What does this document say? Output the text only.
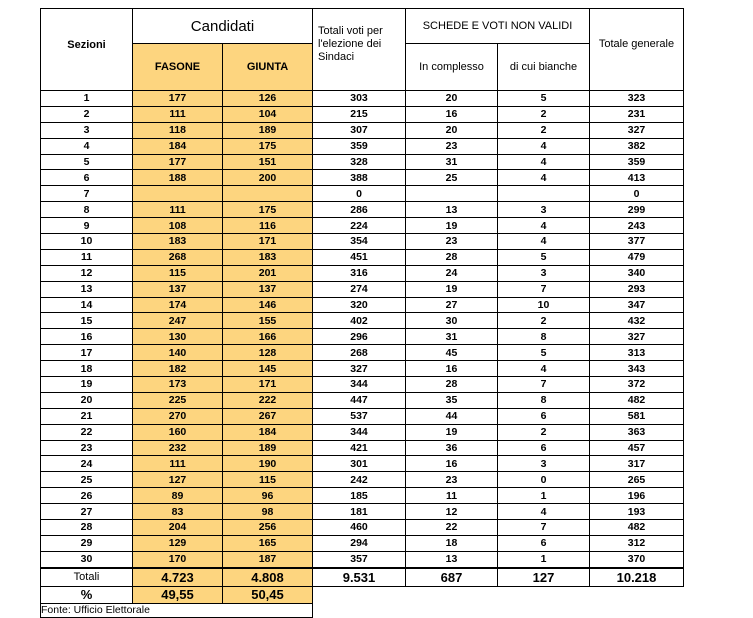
Sezioni	Candidati		Totali voti per l'elezione dei Sindaci	SCHEDE E VOTI NON VALIDI		Totale generale
	FASONE	GIUNTA		In complesso	di cui bianche	
1	177	126	303	20	5	323
2	111	104	215	16	2	231
3	118	189	307	20	2	327
4	184	175	359	23	4	382
5	177	151	328	31	4	359
6	188	200	388	25	4	413
7			0			0
8	111	175	286	13	3	299
9	108	116	224	19	4	243
10	183	171	354	23	4	377
11	268	183	451	28	5	479
12	115	201	316	24	3	340
13	137	137	274	19	7	293
14	174	146	320	27	10	347
15	247	155	402	30	2	432
16	130	166	296	31	8	327
17	140	128	268	45	5	313
18	182	145	327	16	4	343
19	173	171	344	28	7	372
20	225	222	447	35	8	482
21	270	267	537	44	6	581
22	160	184	344	19	2	363
23	232	189	421	36	6	457
24	111	190	301	16	3	317
25	127	115	242	23	0	265
26	89	96	185	11	1	196
27	83	98	181	12	4	193
28	204	256	460	22	7	482
29	129	165	294	18	6	312
30	170	187	357	13	1	370
Totali	4.723	4.808	9.531	687	127	10.218
%	49,55	50,45				
Fonte: Ufficio Elettorale						
